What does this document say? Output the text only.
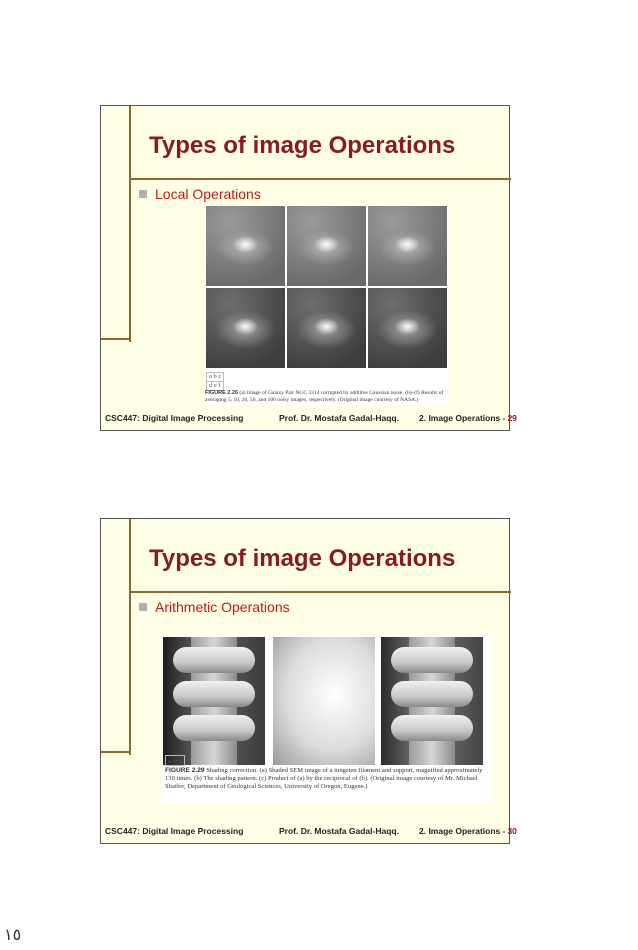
Types of image Operations
Local Operations
a b c
d e f
FIGURE 2.26 (a) Image of Galaxy Pair NGC 3314 corrupted by additive Gaussian noise. (b)–(f) Results of averaging 5, 10, 20, 50, and 100 noisy images, respectively. (Original image courtesy of NASA.)
CSC447: Digital Image Processing	Prof. Dr. Mostafa Gadal-Haqq. 2. Image Operations - 29
Types of image Operations
Arithmetic Operations
a b c
FIGURE 2.29 Shading correction. (a) Shaded SEM image of a tungsten filament and support, magnified approximately 130 times. (b) The shading pattern. (c) Product of (a) by the reciprocal of (b). (Original image courtesy of Mr. Michael Shaffer, Department of Geological Sciences, University of Oregon, Eugene.)
CSC447: Digital Image Processing	Prof. Dr. Mostafa Gadal-Haqq. 2. Image Operations - 30
١٥
